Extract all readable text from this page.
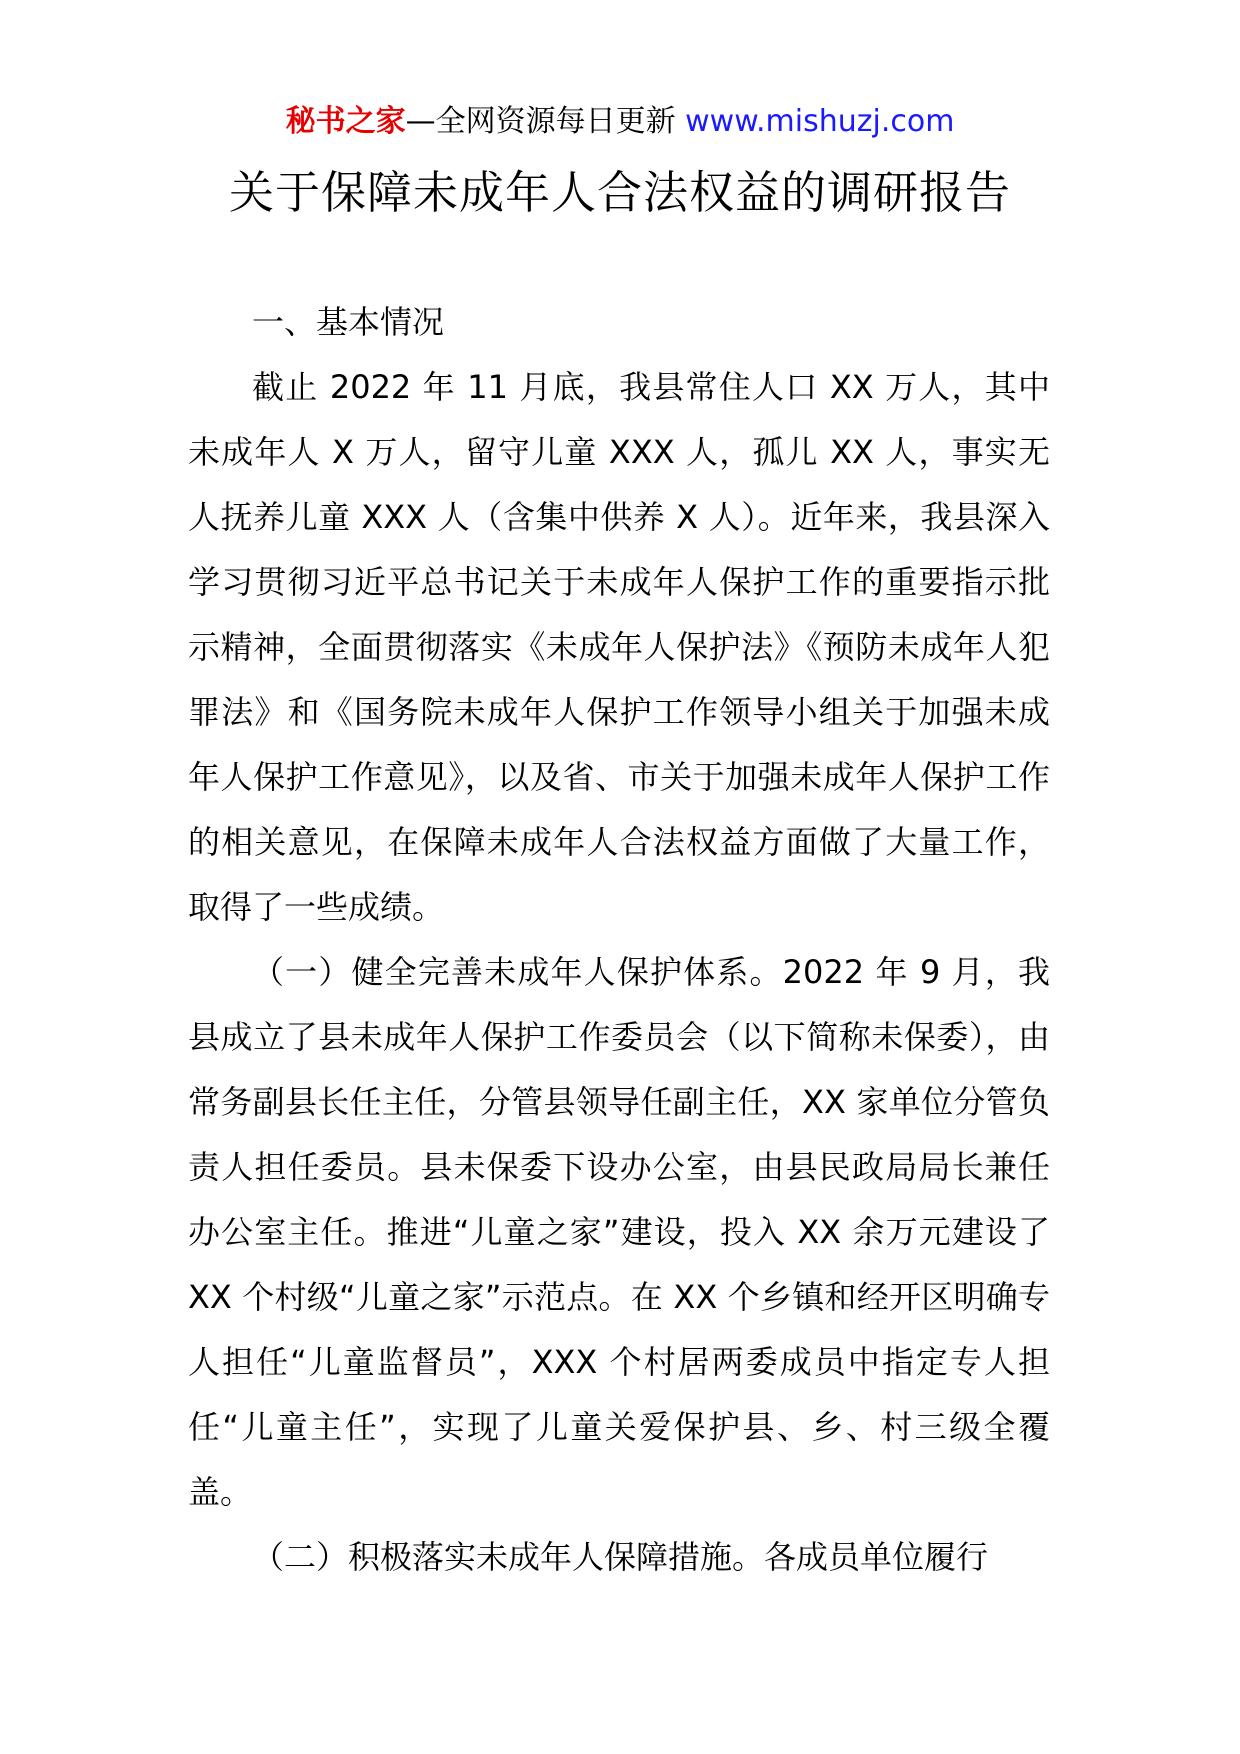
秘书之家—全网资源每日更新 www.mishuzj.com
关于保障未成年人合法权益的调研报告

一、基本情况

截止 2022 年 11 月底，我县常住人口 XX 万人，其中未成年人 X 万人，留守儿童 XXX 人，孤儿 XX 人，事实无人抚养儿童 XXX 人（含集中供养 X 人）。近年来，我县深入学习贯彻习近平总书记关于未成年人保护工作的重要指示批示精神，全面贯彻落实《未成年人保护法》《预防未成年人犯罪法》和《国务院未成年人保护工作领导小组关于加强未成年人保护工作意见》，以及省、市关于加强未成年人保护工作的相关意见，在保障未成年人合法权益方面做了大量工作，取得了一些成绩。

（一）健全完善未成年人保护体系。2022 年 9 月，我县成立了县未成年人保护工作委员会（以下简称未保委），由常务副县长任主任，分管县领导任副主任，XX 家单位分管负责人担任委员。县未保委下设办公室，由县民政局局长兼任办公室主任。推进“儿童之家”建设，投入 XX 余万元建设了 XX 个村级“儿童之家”示范点。在 XX 个乡镇和经开区明确专人担任“儿童监督员”，XXX 个村居两委成员中指定专人担任“儿童主任”，实现了儿童关爱保护县、乡、村三级全覆盖。

（二）积极落实未成年人保障措施。各成员单位履行
